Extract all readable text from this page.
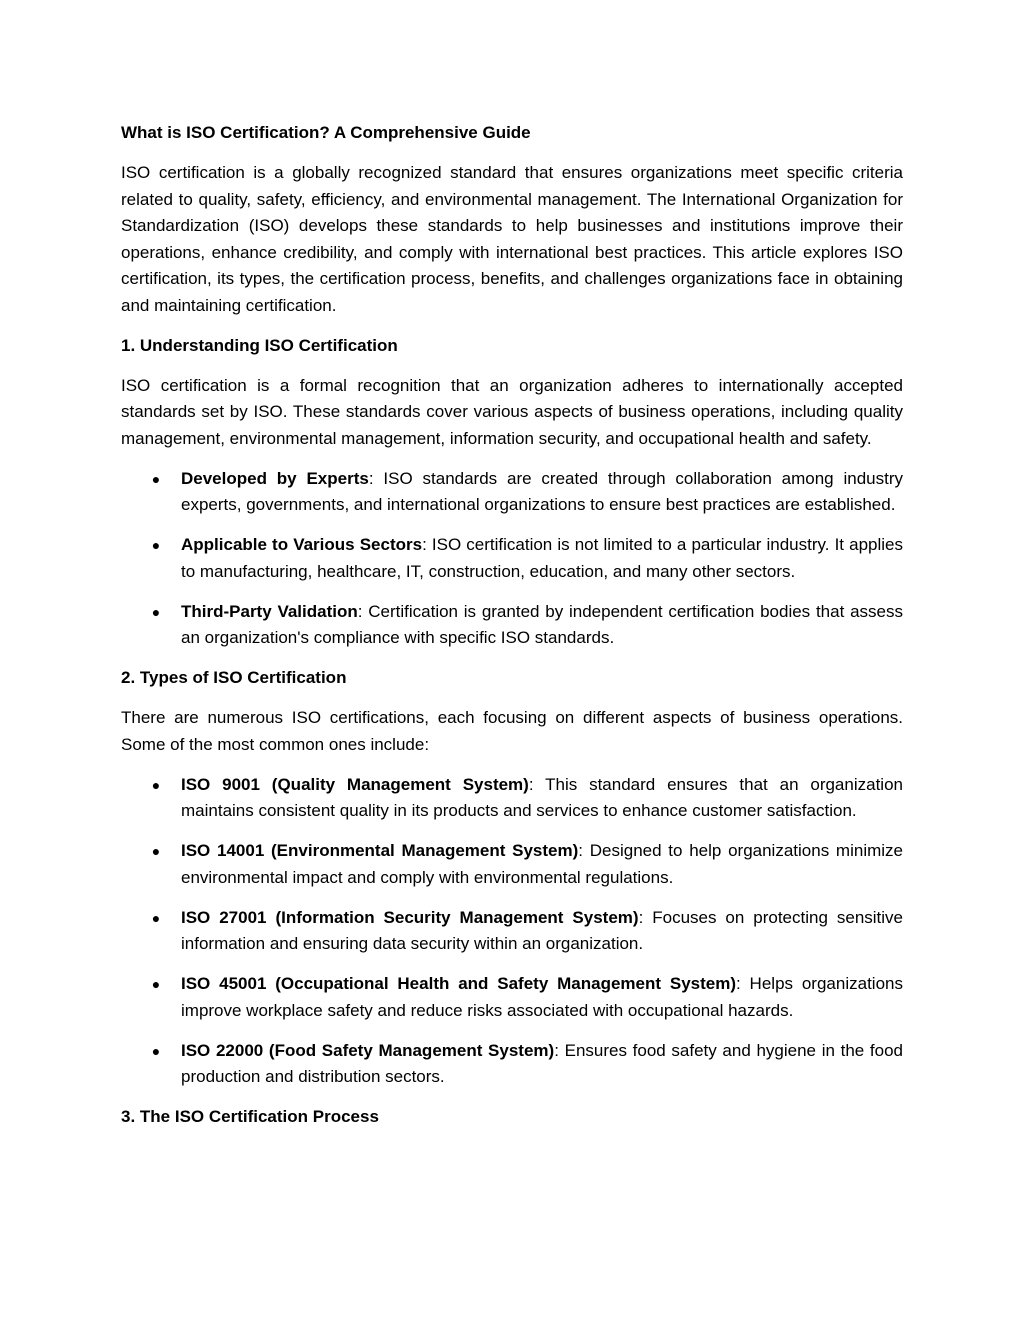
What is ISO Certification? A Comprehensive Guide

ISO certification is a globally recognized standard that ensures organizations meet specific criteria related to quality, safety, efficiency, and environmental management. The International Organization for Standardization (ISO) develops these standards to help businesses and institutions improve their operations, enhance credibility, and comply with international best practices. This article explores ISO certification, its types, the certification process, benefits, and challenges organizations face in obtaining and maintaining certification.

1. Understanding ISO Certification

ISO certification is a formal recognition that an organization adheres to internationally accepted standards set by ISO. These standards cover various aspects of business operations, including quality management, environmental management, information security, and occupational health and safety.

● Developed by Experts: ISO standards are created through collaboration among industry experts, governments, and international organizations to ensure best practices are established.
● Applicable to Various Sectors: ISO certification is not limited to a particular industry. It applies to manufacturing, healthcare, IT, construction, education, and many other sectors.
● Third-Party Validation: Certification is granted by independent certification bodies that assess an organization's compliance with specific ISO standards.
2. Types of ISO Certification

There are numerous ISO certifications, each focusing on different aspects of business operations. Some of the most common ones include:

● ISO 9001 (Quality Management System): This standard ensures that an organization maintains consistent quality in its products and services to enhance customer satisfaction.
● ISO 14001 (Environmental Management System): Designed to help organizations minimize environmental impact and comply with environmental regulations.
● ISO 27001 (Information Security Management System): Focuses on protecting sensitive information and ensuring data security within an organization.
● ISO 45001 (Occupational Health and Safety Management System): Helps organizations improve workplace safety and reduce risks associated with occupational hazards.
● ISO 22000 (Food Safety Management System): Ensures food safety and hygiene in the food production and distribution sectors.
3. The ISO Certification Process
